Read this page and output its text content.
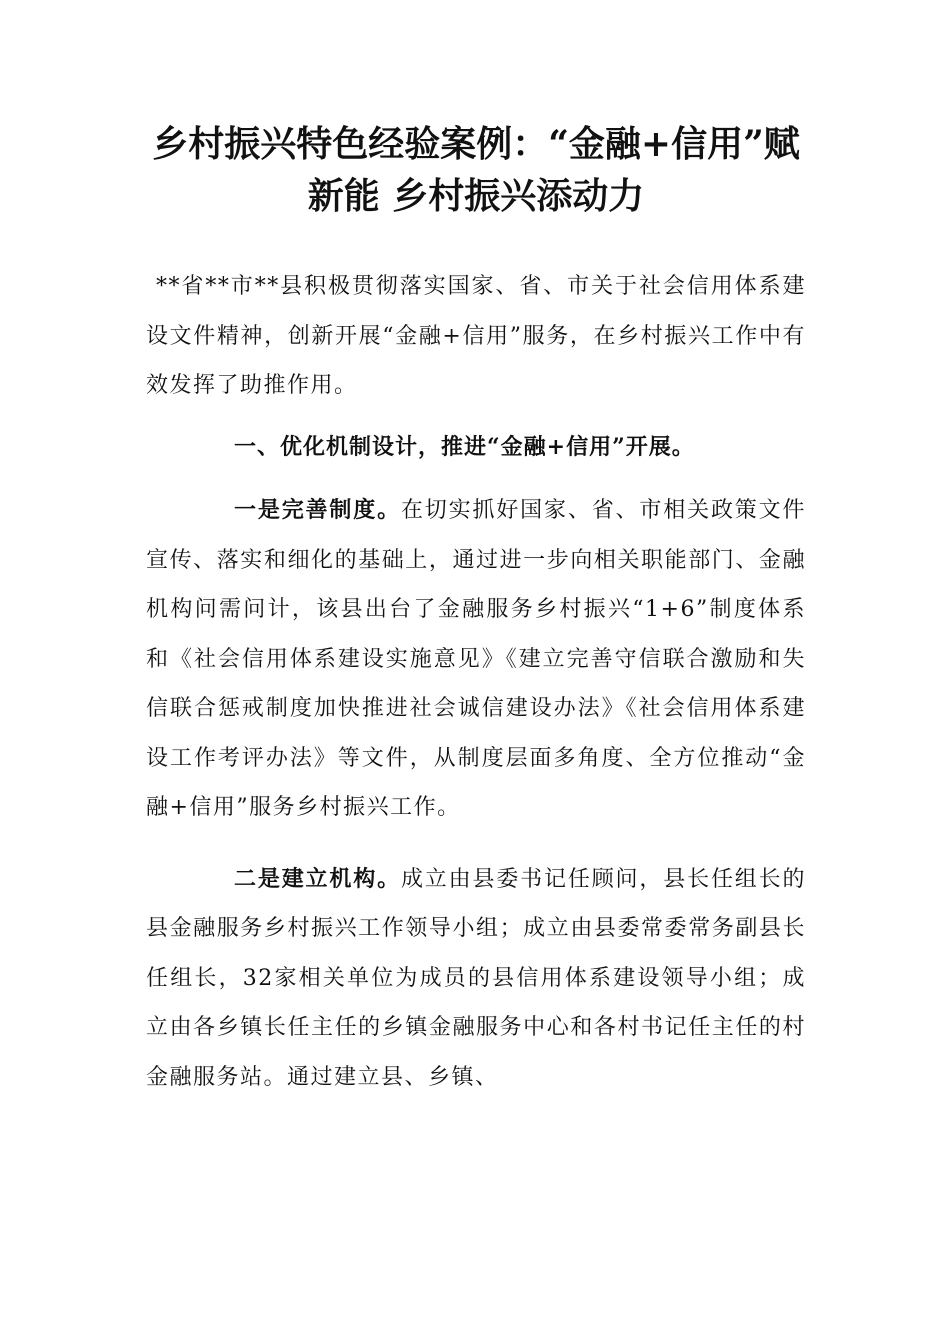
乡村振兴特色经验案例：“金融+信用”赋
新能 乡村振兴添动力

**省**市**县积极贯彻落实国家、省、市关于社会信用体系建设文件精神，创新开展“金融+信用”服务，在乡村振兴工作中有效发挥了助推作用。

一、优化机制设计，推进“金融+信用”开展。

一是完善制度。在切实抓好国家、省、市相关政策文件宣传、落实和细化的基础上，通过进一步向相关职能部门、金融机构问需问计，该县出台了金融服务乡村振兴“1+6”制度体系和《社会信用体系建设实施意见》《建立完善守信联合激励和失信联合惩戒制度加快推进社会诚信建设办法》《社会信用体系建设工作考评办法》等文件，从制度层面多角度、全方位推动“金融+信用”服务乡村振兴工作。

二是建立机构。成立由县委书记任顾问，县长任组长的县金融服务乡村振兴工作领导小组；成立由县委常委常务副县长任组长，32家相关单位为成员的县信用体系建设领导小组；成立由各乡镇长任主任的乡镇金融服务中心和各村书记任主任的村金融服务站。通过建立县、乡镇、
